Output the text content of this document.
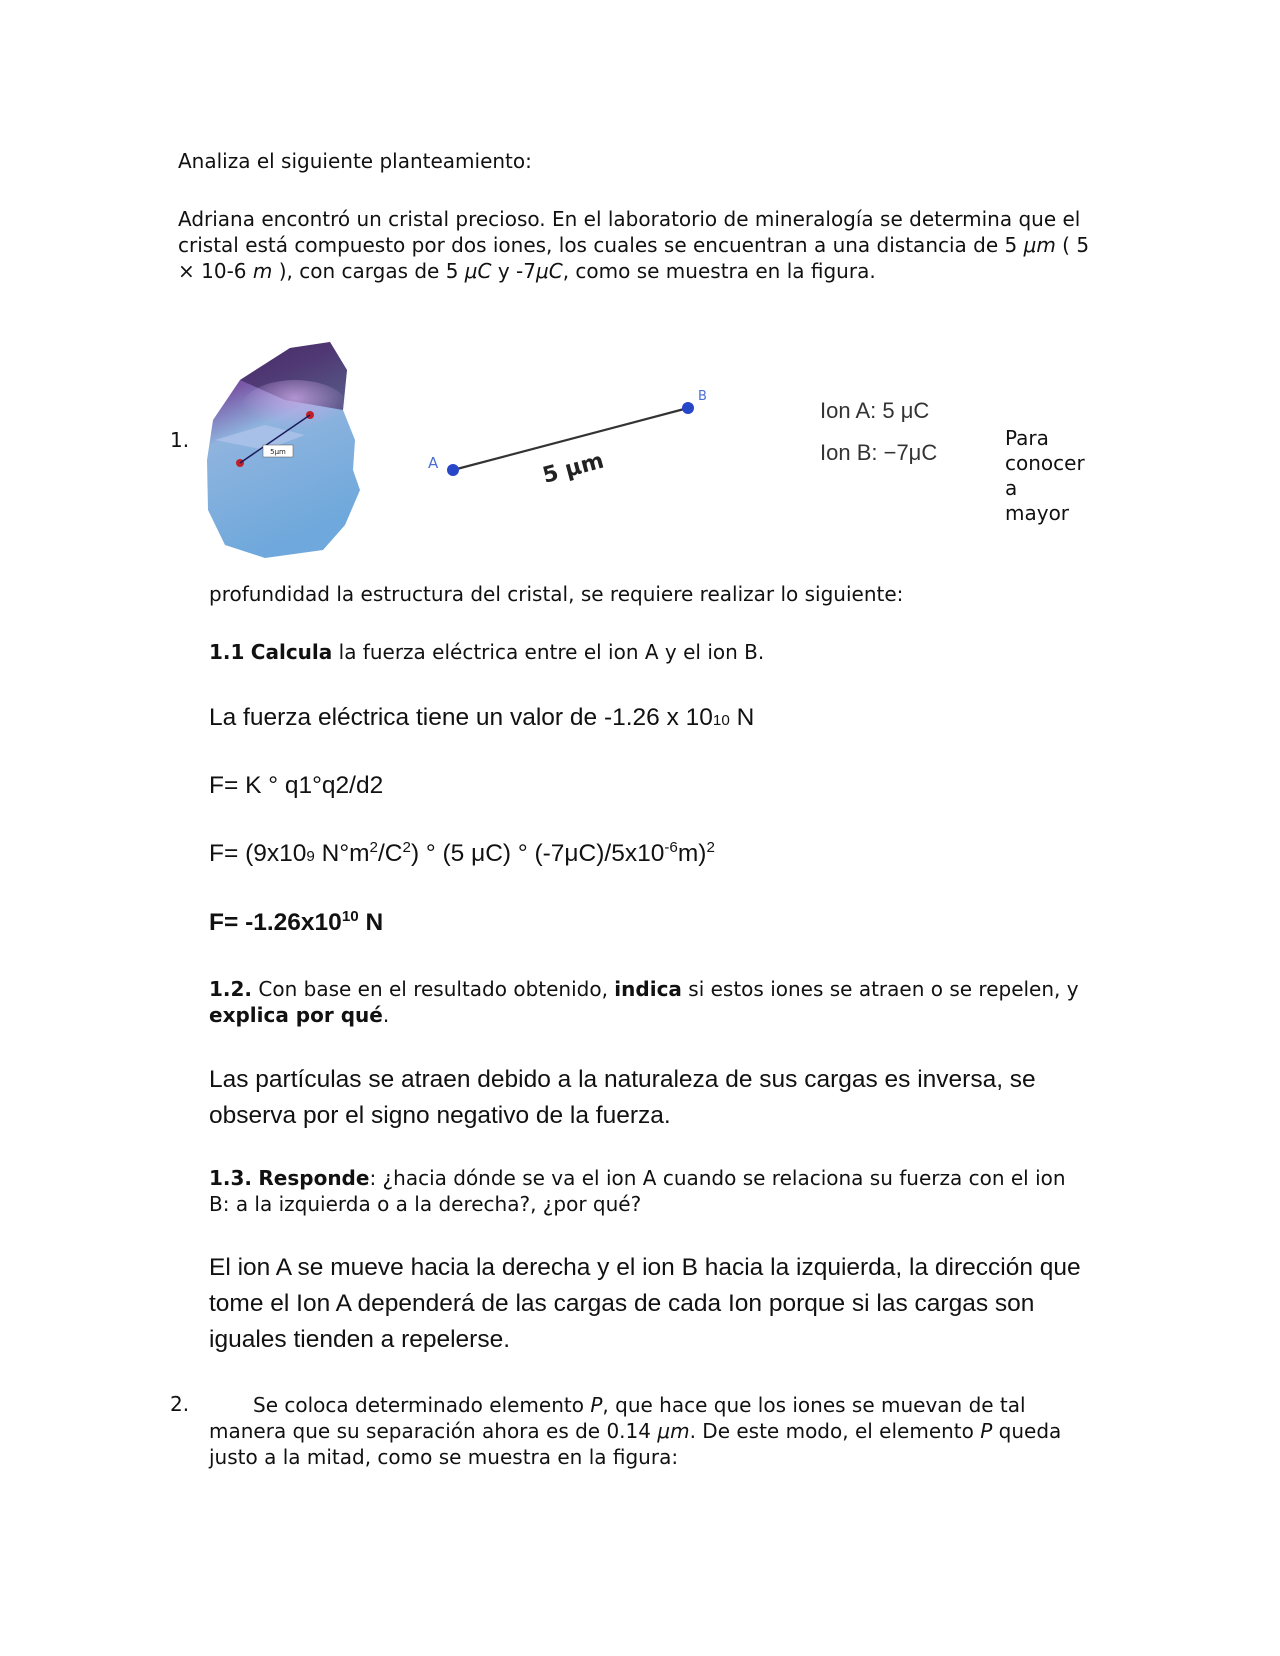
Analiza el siguiente planteamiento:

Adriana encontró un cristal precioso. En el laboratorio de mineralogía se determina que el cristal está compuesto por dos iones, los cuales se encuentran a una distancia de 5 μm ( 5 × 10-6 m ), con cargas de 5 μC y -7μC, como se muestra en la figura.

1.	5μm
A
B
5 μm
Ion A: 5 μC
Ion B: −7μC
Para
conocer
a
mayor

profundidad la estructura del cristal, se requiere realizar lo siguiente:

1.1 Calcula la fuerza eléctrica entre el ion A y el ion B.

La fuerza eléctrica tiene un valor de -1.26 x 1010 N

F= K ° q1°q2/d2

F= (9x109 $N^\circ m^2/C^2$) ° (5 μC) ° $(-7\mu C)/5x10^{-6}m)^2$

$F= -1.26x10^{10}$ N

1.2. Con base en el resultado obtenido, indica si estos iones se atraen o se repelen, y explica por qué.

Las partículas se atraen debido a la naturaleza de sus cargas es inversa, se observa por el signo negativo de la fuerza.

1.3. Responde: ¿hacia dónde se va el ion A cuando se relaciona su fuerza con el ion B: a la izquierda o a la derecha?, ¿por qué?

El ion A se mueve hacia la derecha y el ion B hacia la izquierda, la dirección que tome el Ion A dependerá de las cargas de cada Ion porque si las cargas son iguales tienden a repelerse.

2.	Se coloca determinado elemento P, que hace que los iones se muevan de tal manera que su separación ahora es de 0.14 μm. De este modo, el elemento P queda justo a la mitad, como se muestra en la figura:
